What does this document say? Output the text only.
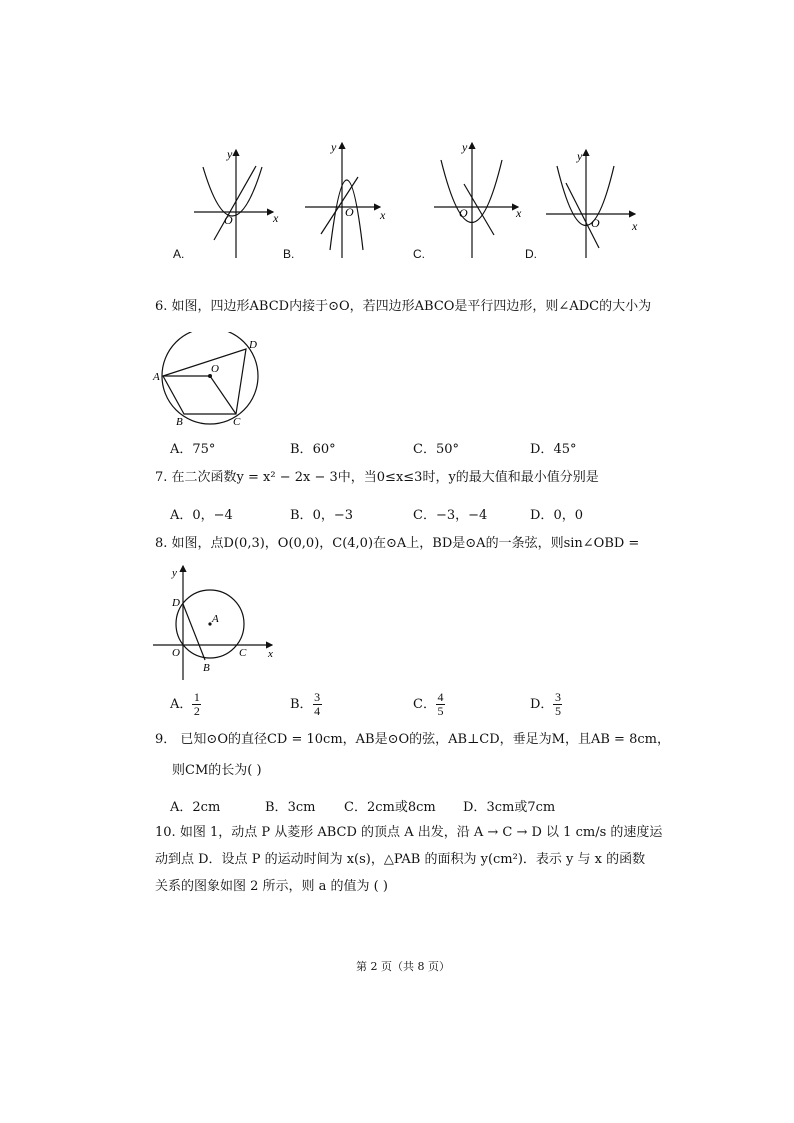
O	x
y
O x
y
O	x
y
O	x
y
A.	B.	C.	D.
6. 如图，四边形ABCD内接于⊙O，若四边形ABCO是平行四边形，则∠ADC的大小为
A
B	C
D
O
A．75°	B．60°	C．50°	D．45°
7. 在二次函数y = x² − 2x − 3中，当0≤x≤3时，y的最大值和最小值分别是
A．0，−4	B．0，−3	C．−3，−4	D．0，0
8. 如图，点D(0,3)，O(0,0)，C(4,0)在⊙A上，BD是⊙A的一条弦，则sin∠OBD =
D
A
O
B
C x
y
A． $\frac{1}{2}$	B． $\frac{3}{4}$	C． $\frac{4}{5}$	D． $\frac{3}{5}$
9． 已知⊙O的直径CD = 10cm，AB是⊙O的弦，AB⊥CD，垂足为M，且AB = 8cm，
则CM的长为( )
A．2cm	B．3cm C．2cm或8cm D．3cm或7cm
10. 如图 1，动点 P 从菱形 ABCD 的顶点 A 出发，沿 A → C → D 以 1 cm/s 的速度运
动到点 D．设点 P 的运动时间为 x(s)，△PAB 的面积为 y(cm²)．表示 y 与 x 的函数
关系的图象如图 2 所示，则 a 的值为 ( )
第 2 页（共 8 页）
